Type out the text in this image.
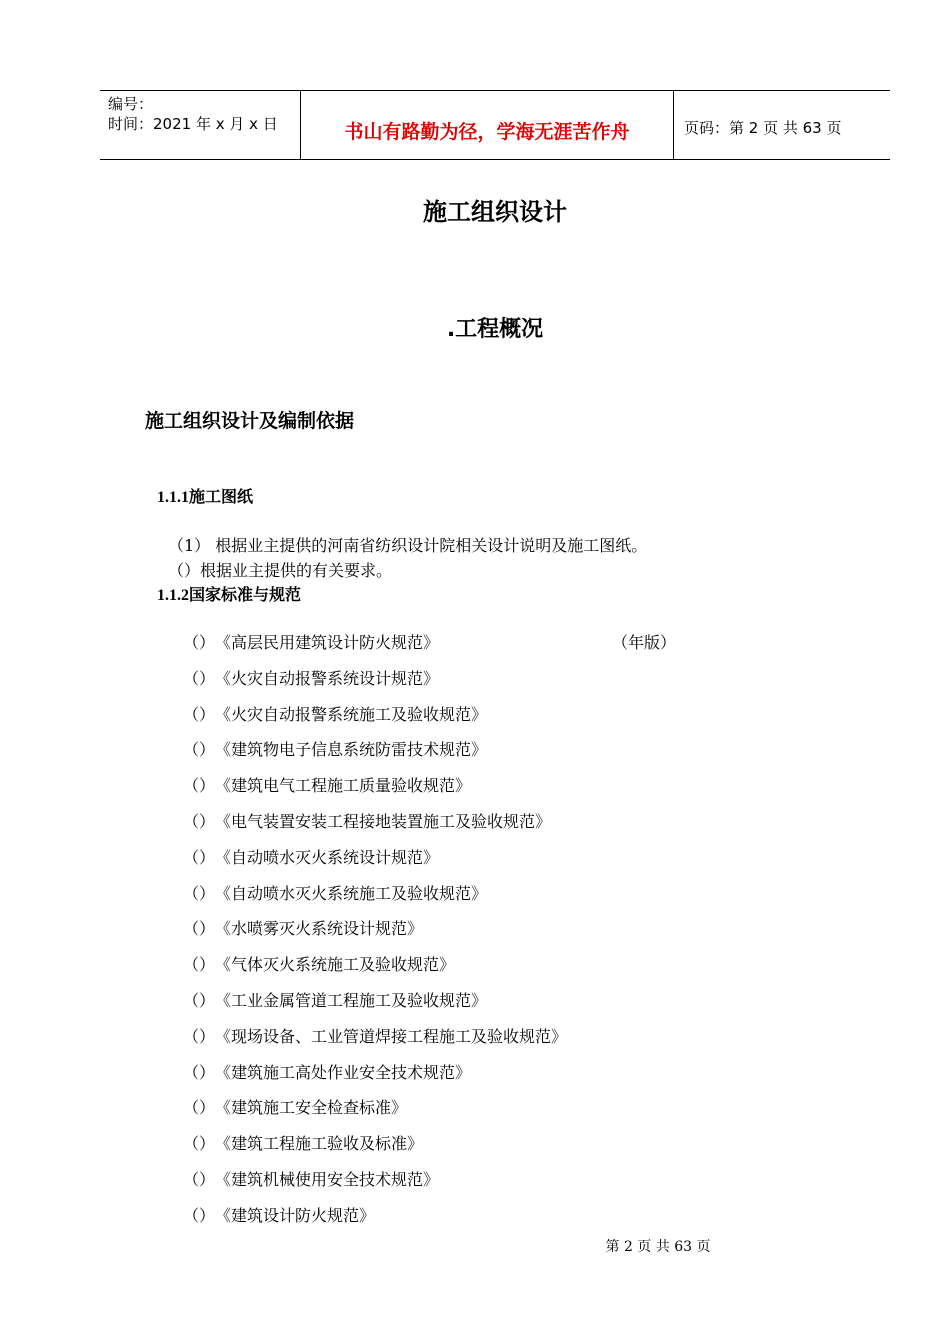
编号：
时间：2021 年 x 月 x 日	书山有路勤为径，学海无涯苦作舟	页码：第 2 页 共 63 页
施工组织设计
.工程概况
施工组织设计及编制依据
1.1.1施工图纸
（1） 根据业主提供的河南省纺织设计院相关设计说明及施工图纸。
（）根据业主提供的有关要求。
1.1.2国家标准与规范
（）《高层民用建筑设计防火规范》
（）《火灾自动报警系统设计规范》
（）《火灾自动报警系统施工及验收规范》
（）《建筑物电子信息系统防雷技术规范》
（）《建筑电气工程施工质量验收规范》
（）《电气装置安装工程接地装置施工及验收规范》
（）《自动喷水灭火系统设计规范》
（）《自动喷水灭火系统施工及验收规范》
（）《水喷雾灭火系统设计规范》
（）《气体灭火系统施工及验收规范》
（）《工业金属管道工程施工及验收规范》
（）《现场设备、工业管道焊接工程施工及验收规范》
（）《建筑施工高处作业安全技术规范》
（）《建筑施工安全检查标准》
（）《建筑工程施工验收及标准》
（）《建筑机械使用安全技术规范》
（）《建筑设计防火规范》
（年版）
第 2 页 共 63 页
